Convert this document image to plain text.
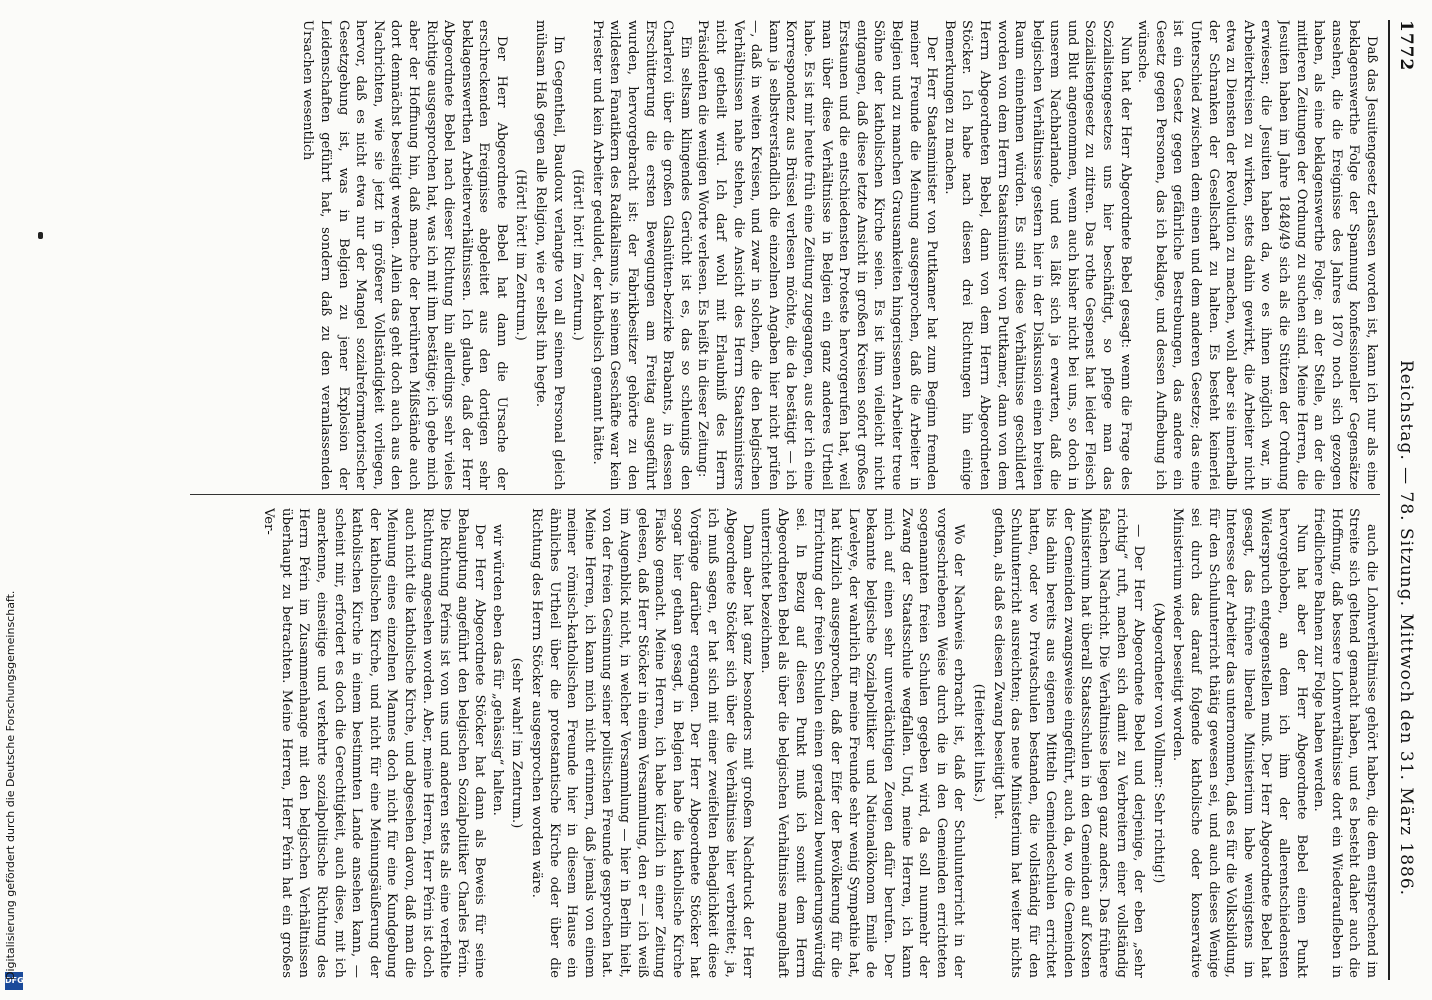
DFG
Digitalisierung gefördert durch die Deutsche Forschungsgemeinschaft.
1772
Reichstag. — 78. Sitzung. Mittwoch den 31. März 1886.

Daß das Jesuitengesetz erlassen worden ist, kann ich nur als eine beklagenswerthe Folge der Spannung konfessioneller Gegensätze ansehen, die die Ereignisse des Jahres 1870 noch sich gezogen haben, als eine beklagenswerthe Folge; an der Stelle, an der die mittleren Zeitungen der Ordnung zu suchen sind. Meine Herren, die Jesuiten haben im Jahre 1848/49 sich als die Stützen der Ordnung erwiesen; die Jesuiten haben da, wo es ihnen möglich war, in Arbeiterkreisen zu wirken, stets dahin gewirkt, die Arbeiter nicht etwa zu Diensten der Revolution zu machen, wohl aber sie innerhalb der Schranken der Gesellschaft zu halten. Es besteht keinerlei Unterschied zwischen dem einen und dem anderen Gesetze; das eine ist ein Gesetz gegen gefährliche Bestrebungen, das andere ein Gesetz gegen Personen, das ich beklage, und dessen Aufhebung ich wünsche.

Nun hat der Herr Abgeordnete Bebel gesagt: wenn die Frage des Sozialistengesetzes uns hier beschäftigt, so pflege man das Sozialistengesetz zu zitiren. Das rothe Gespenst hat leider Fleisch und Blut angenommen, wenn auch bisher nicht bei uns, so doch in unserem Nachbarlande, und es läßt sich ja erwarten, daß die belgischen Verhältnisse gestern hier in der Diskussion einen breiten Raum einnehmen würden. Es sind diese Verhältnisse geschildert worden von dem Herrn Staatsminister von Puttkamer, dann von dem Herrn Abgeordneten Bebel, dann von dem Herrn Abgeordneten Stöcker. Ich habe nach diesen drei Richtungen hin einige Bemerkungen zu machen.

Der Herr Staatsminister von Puttkamer hat zum Beginn fremden meiner Freunde die Meinung ausgesprochen, daß die Arbeiter in Belgien und zu manchen Grausamkeiten hingerissenen Arbeiter treue Söhne der katholischen Kirche seien. Es ist ihm vielleicht nicht entgangen, daß diese letzte Ansicht in großen Kreisen sofort großes Erstaunen und die entschiedensten Proteste hervorgerufen hat, weil man über diese Verhältnisse in Belgien ein ganz anderes Urtheil habe. Es ist mir heute früh eine Zeitung zugegangen, aus der ich eine Korrespondenz aus Brüssel verlesen möchte, die da bestätigt — ich kann ja selbstverständlich die einzelnen Angaben hier nicht prüfen —, daß in weiten Kreisen, und zwar in solchen, die den belgischen Verhältnissen nahe stehen, die Ansicht des Herrn Staatsministers nicht getheilt wird. Ich darf wohl mit Erlaubniß des Herrn Präsidenten die wenigen Worte verlesen. Es heißt in dieser Zeitung:

Ein seltsam klingendes Gerücht ist es, das so schleunigs den Charleroi über die großen Glashütten-bezirke Brabants, in dessen Erschütterung die ersten Bewegungen am Freitag ausgeführt wurden, hervorgebracht ist: der Fabrikbesitzer gehörte zu den wildesten Fanatikern des Radikalismus, in seinem Geschäfte war kein Priester und kein Arbeiter geduldet, der katholisch genannt hätte.

(Hört! hört! im Zentrum.)

Im Gegentheil, Baudoux verlangte von all seinem Personal gleich mühsam Haß gegen alle Religion, wie er selbst ihn hegte.

(Hört! hört! im Zentrum.)

Der Herr Abgeordnete Bebel hat dann die Ursache der erschreckenden Ereignisse abgeleitet aus den dortigen sehr beklagenswerthen Arbeiterverhältnissen. Ich glaube, daß der Herr Abgeordnete Bebel nach dieser Richtung hin allerdings sehr vieles Richtige ausgesprochen hat, was ich mit ihm bestätige; ich gebe mich aber der Hoffnung hin, daß manche der berührten Mißstände auch dort demnächst beseitigt werden. Allein das geht doch auch aus den Nachrichten, wie sie jetzt in größerer Vollständigkeit vorliegen, hervor, daß es nicht etwa nur der Mangel sozialreformatorischer Gesetzgebung ist, was in Belgien zu jener Explosion der Leidenschaften geführt hat, sondern daß zu den veranlassenden Ursachen wesentlich

auch die Lohnverhältnisse gehört haben, die dem entsprechend im Streite sich geltend gemacht haben, und es besteht daher auch die Hoffnung, daß bessere Lohnverhältnisse dort ein Wiederaufleben in friedlichere Bahnen zur Folge haben werden.

Nun hat aber der Herr Abgeordnete Bebel einen Punkt hervorgehoben, an dem ich ihm der allerentschiedensten Widerspruch entgegenstellen muß. Der Herr Abgeordnete Bebel hat gesagt, das frühere liberale Ministerium habe wenigstens im Interesse der Arbeiter das unternommen, daß es für die Volksbildung, für den Schulunterricht thätig gewesen sei, und auch dieses Wenige sei durch das darauf folgende katholische oder konservative Ministerium wieder beseitigt worden.

(Abgeordneter von Vollmar: Sehr richtig!)

— Der Herr Abgeordnete Bebel und derjenige, der eben „sehr richtig“ ruft, machen sich damit zu Verbreitern einer vollständig falschen Nachricht. Die Verhältnisse liegen ganz anders. Das frühere Ministerium hat überall Staatsschulen in den Gemeinden auf Kosten der Gemeinden zwangsweise eingeführt, auch da, wo die Gemeinden bis dahin bereits aus eigenen Mitteln Gemeindeschulen errichtet hatten, oder wo Privatschulen bestanden, die vollständig für den Schulunterricht ausreichten; das neue Ministerium hat weiter nichts gethan, als daß es diesen Zwang beseitigt hat.

(Heiterkeit links.)

Wo der Nachweis erbracht ist, daß der Schulunterricht in der vorgeschriebenen Weise durch die in den Gemeinden errichteten sogenannten freien Schulen gegeben wird, da soll nunmehr der Zwang der Staatsschule wegfallen. Und, meine Herren, ich kann mich auf einen sehr unverdächtigen Zeugen dafür berufen. Der bekannte belgische Sozialpolitiker und Nationalökonom Emile de Laveleye, der wahrlich für meine Freunde sehr wenig Sympathie hat, hat kürzlich ausgesprochen, daß der Eifer der Bevölkerung für die Errichtung der freien Schulen einen geradezu bewunderungswürdig sei. In Bezug auf diesen Punkt muß ich somit dem Herrn Abgeordneten Bebel als über die belgischen Verhältnisse mangelhaft unterrichtet bezeichnen.

Dann aber hat ganz besonders mit großem Nachdruck der Herr Abgeordnete Stöcker sich über die Verhältnisse hier verbreitet; ja, ich muß sagen, er hat sich mit einer zweifelten Behaglichkeit diese Vorgänge darüber ergangen. Der Herr Abgeordnete Stöcker hat sogar hier gethan gesagt, in Belgien habe die katholische Kirche Fiasko gemacht. Meine Herren, ich habe kürzlich in einer Zeitung gelesen, daß Herr Stöcker in einem Versammlung, den er — ich weiß im Augenblick nicht, in welcher Versammlung — hier in Berlin hielt, von der freien Gesinnung seiner politischen Freunde gesprochen hat. Meine Herren, ich kann mich nicht erinnern, daß jemals von einem meiner römisch-katholischen Freunde hier in diesem Hause ein ähnliches Urtheil über die protestantische Kirche oder über die Richtung des Herrn Stöcker ausgesprochen worden wäre.

(sehr wahr! im Zentrum.)

wir würden eben das für „gehässig“ halten.

Der Herr Abgeordnete Stöcker hat dann als Beweis für seine Behauptung angeführt den belgischen Sozialpolitiker Charles Périn. Die Richtung Périns ist von uns und anderen stets als eine verfehlte Richtung angesehen worden. Aber, meine Herren, Herr Périn ist doch auch nicht die katholische Kirche, und abgesehen davon, daß man die Meinung eines einzelnen Mannes doch nicht für eine Kundgebung der katholischen Kirche, und nicht für eine Meinungsäußerung der katholischen Kirche in einem bestimmten Lande ansehen kann, — scheint mir, erfordert es doch die Gerechtigkeit, auch diese, mit ich anerkenne, einseitige und verkehrte sozialpolitische Richtung des Herrn Périn im Zusammenhange mit den belgischen Verhältnissen überhaupt zu betrachten. Meine Herren, Herr Périn hat ein großes Ver-
